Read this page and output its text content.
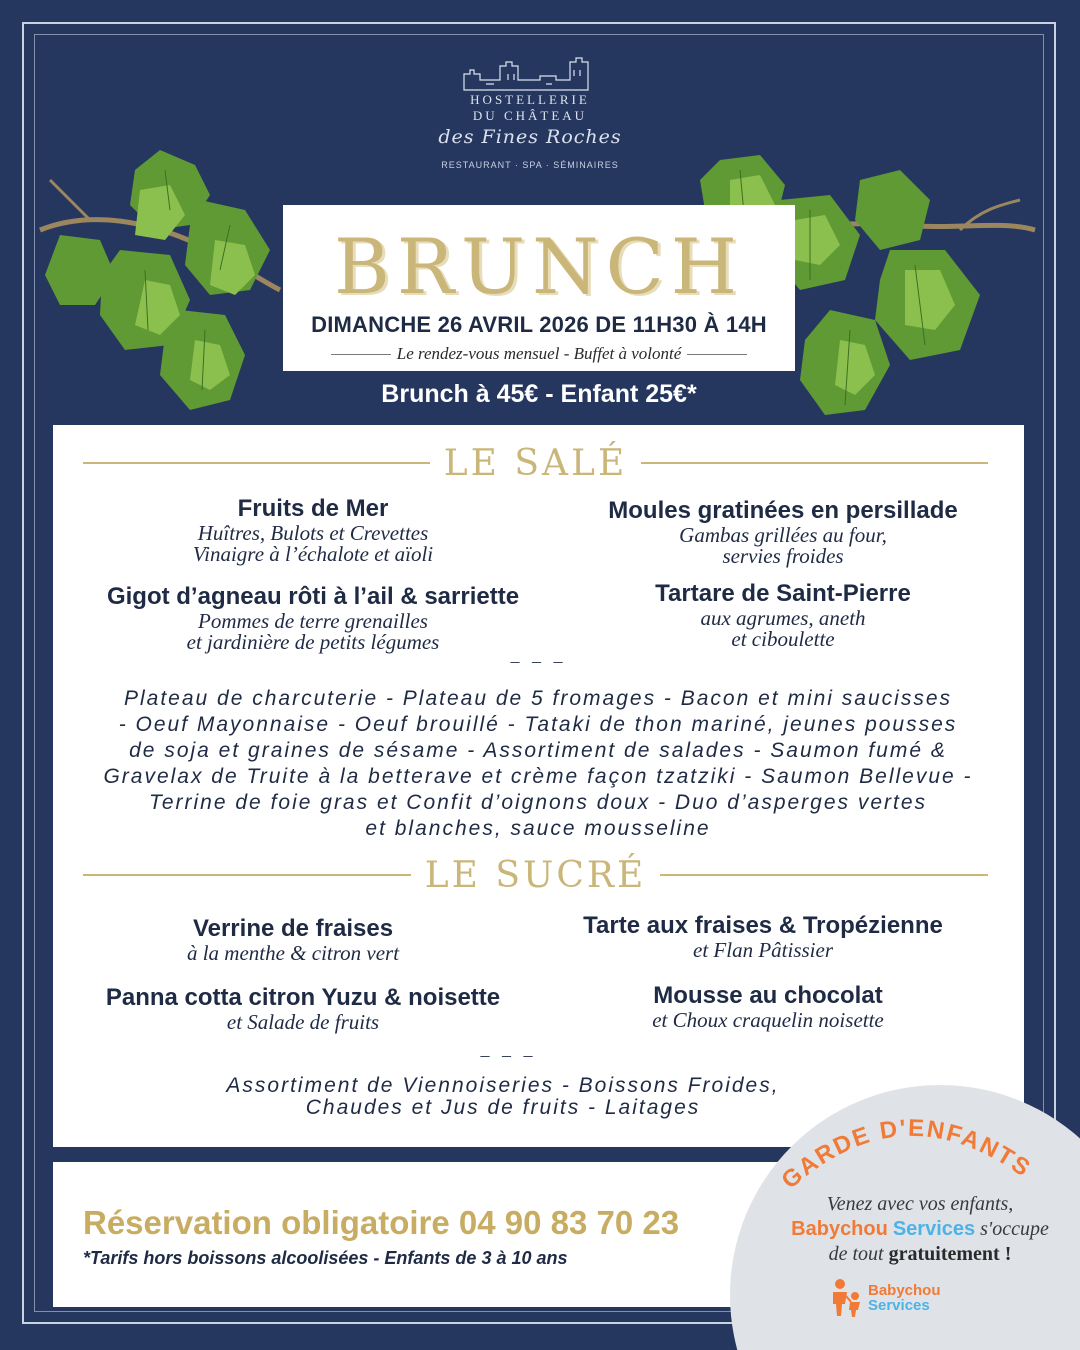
HOSTELLERIE
DU CHÂTEAU
des Fines Roches
RESTAURANT · SPA · SÉMINAIRES
BRUNCH
DIMANCHE 26 AVRIL 2026 DE 11H30 À 14H
Le rendez-vous mensuel - Buffet à volonté
Brunch à 45€ - Enfant 25€*
LE SALÉ
Fruits de Mer
Huîtres, Bulots et Crevettes
Vinaigre à l’échalote et aïoli
Moules gratinées en persillade
Gambas grillées au four,
servies froides
Gigot d’agneau rôti à l’ail & sarriette
Pommes de terre grenailles
et jardinière de petits légumes
Tartare de Saint-Pierre
aux agrumes, aneth
et ciboulette
– – –
Plateau de charcuterie - Plateau de 5 fromages - Bacon et mini saucisses
- Oeuf Mayonnaise - Oeuf brouillé - Tataki de thon mariné, jeunes pousses
de soja et graines de sésame - Assortiment de salades - Saumon fumé &
Gravelax de Truite à la betterave et crème façon tzatziki - Saumon Bellevue -
Terrine de foie gras et Confit d’oignons doux - Duo d’asperges vertes
et blanches, sauce mousseline
LE SUCRÉ
Verrine de fraises
à la menthe & citron vert
Tarte aux fraises & Tropézienne
et Flan Pâtissier
Panna cotta citron Yuzu & noisette
et Salade de fruits
Mousse au chocolat
et Choux craquelin noisette
– – –
Assortiment de Viennoiseries - Boissons Froides,
Chaudes et Jus de fruits - Laitages
Réservation obligatoire 04 90 83 70 23
*Tarifs hors boissons alcoolisées - Enfants de 3 à 10 ans
GARDE D'ENFANTS
Venez avec vos enfants,
Babychou Services s'occupe
de tout gratuitement !
Babychou
Services
